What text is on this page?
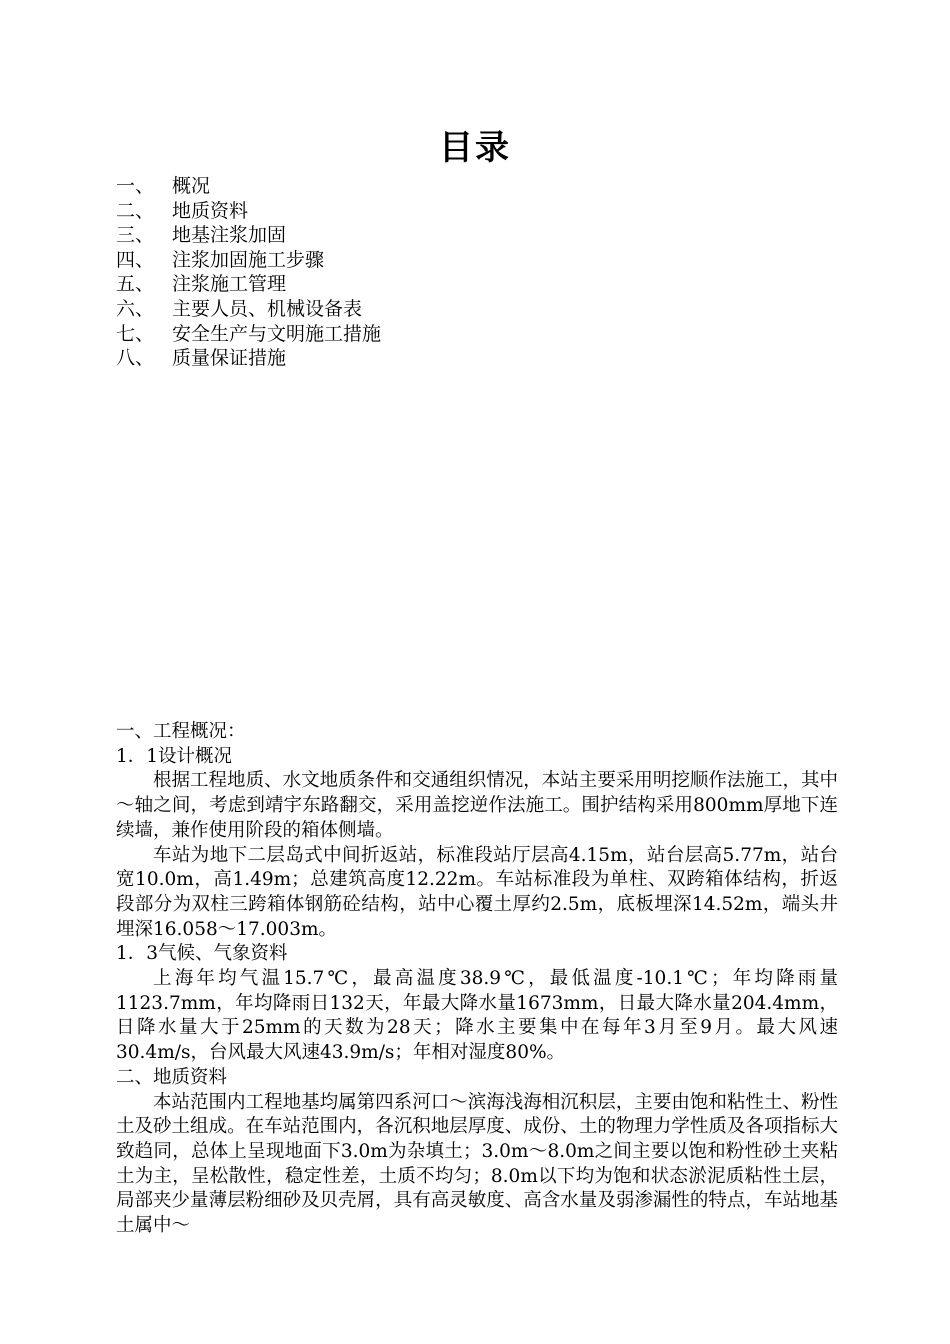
目录
一、 概况
二、 地质资料
三、 地基注浆加固
四、 注浆加固施工步骤
五、 注浆施工管理
六、 主要人员、机械设备表
七、 安全生产与文明施工措施
八、 质量保证措施

一、工程概况：

1．1设计概况

根据工程地质、水文地质条件和交通组织情况，本站主要采用明挖顺作法施工，其中～轴之间，考虑到靖宇东路翻交，采用盖挖逆作法施工。围护结构采用800mm厚地下连续墙，兼作使用阶段的箱体侧墙。

车站为地下二层岛式中间折返站，标准段站厅层高4.15m，站台层高5.77m，站台宽10.0m，高1.49m；总建筑高度12.22m。车站标准段为单柱、双跨箱体结构，折返段部分为双柱三跨箱体钢筋砼结构，站中心覆土厚约2.5m，底板埋深14.52m，端头井埋深16.058～17.003m。

1．3气候、气象资料

上海年均气温15.7℃，最高温度38.9℃，最低温度-10.1℃；年均降雨量1123.7mm，年均降雨日132天，年最大降水量1673mm，日最大降水量204.4mm，日降水量大于25mm的天数为28天；降水主要集中在每年3月至9月。最大风速30.4m/s，台风最大风速43.9m/s；年相对湿度80%。

二、地质资料

本站范围内工程地基均属第四系河口～滨海浅海相沉积层，主要由饱和粘性土、粉性土及砂土组成。在车站范围内，各沉积地层厚度、成份、土的物理力学性质及各项指标大致趋同，总体上呈现地面下3.0m为杂填土；3.0m～8.0m之间主要以饱和粉性砂土夹粘土为主，呈松散性，稳定性差，土质不均匀；8.0m以下均为饱和状态淤泥质粘性土层，局部夹少量薄层粉细砂及贝壳屑，具有高灵敏度、高含水量及弱渗漏性的特点，车站地基土属中～
